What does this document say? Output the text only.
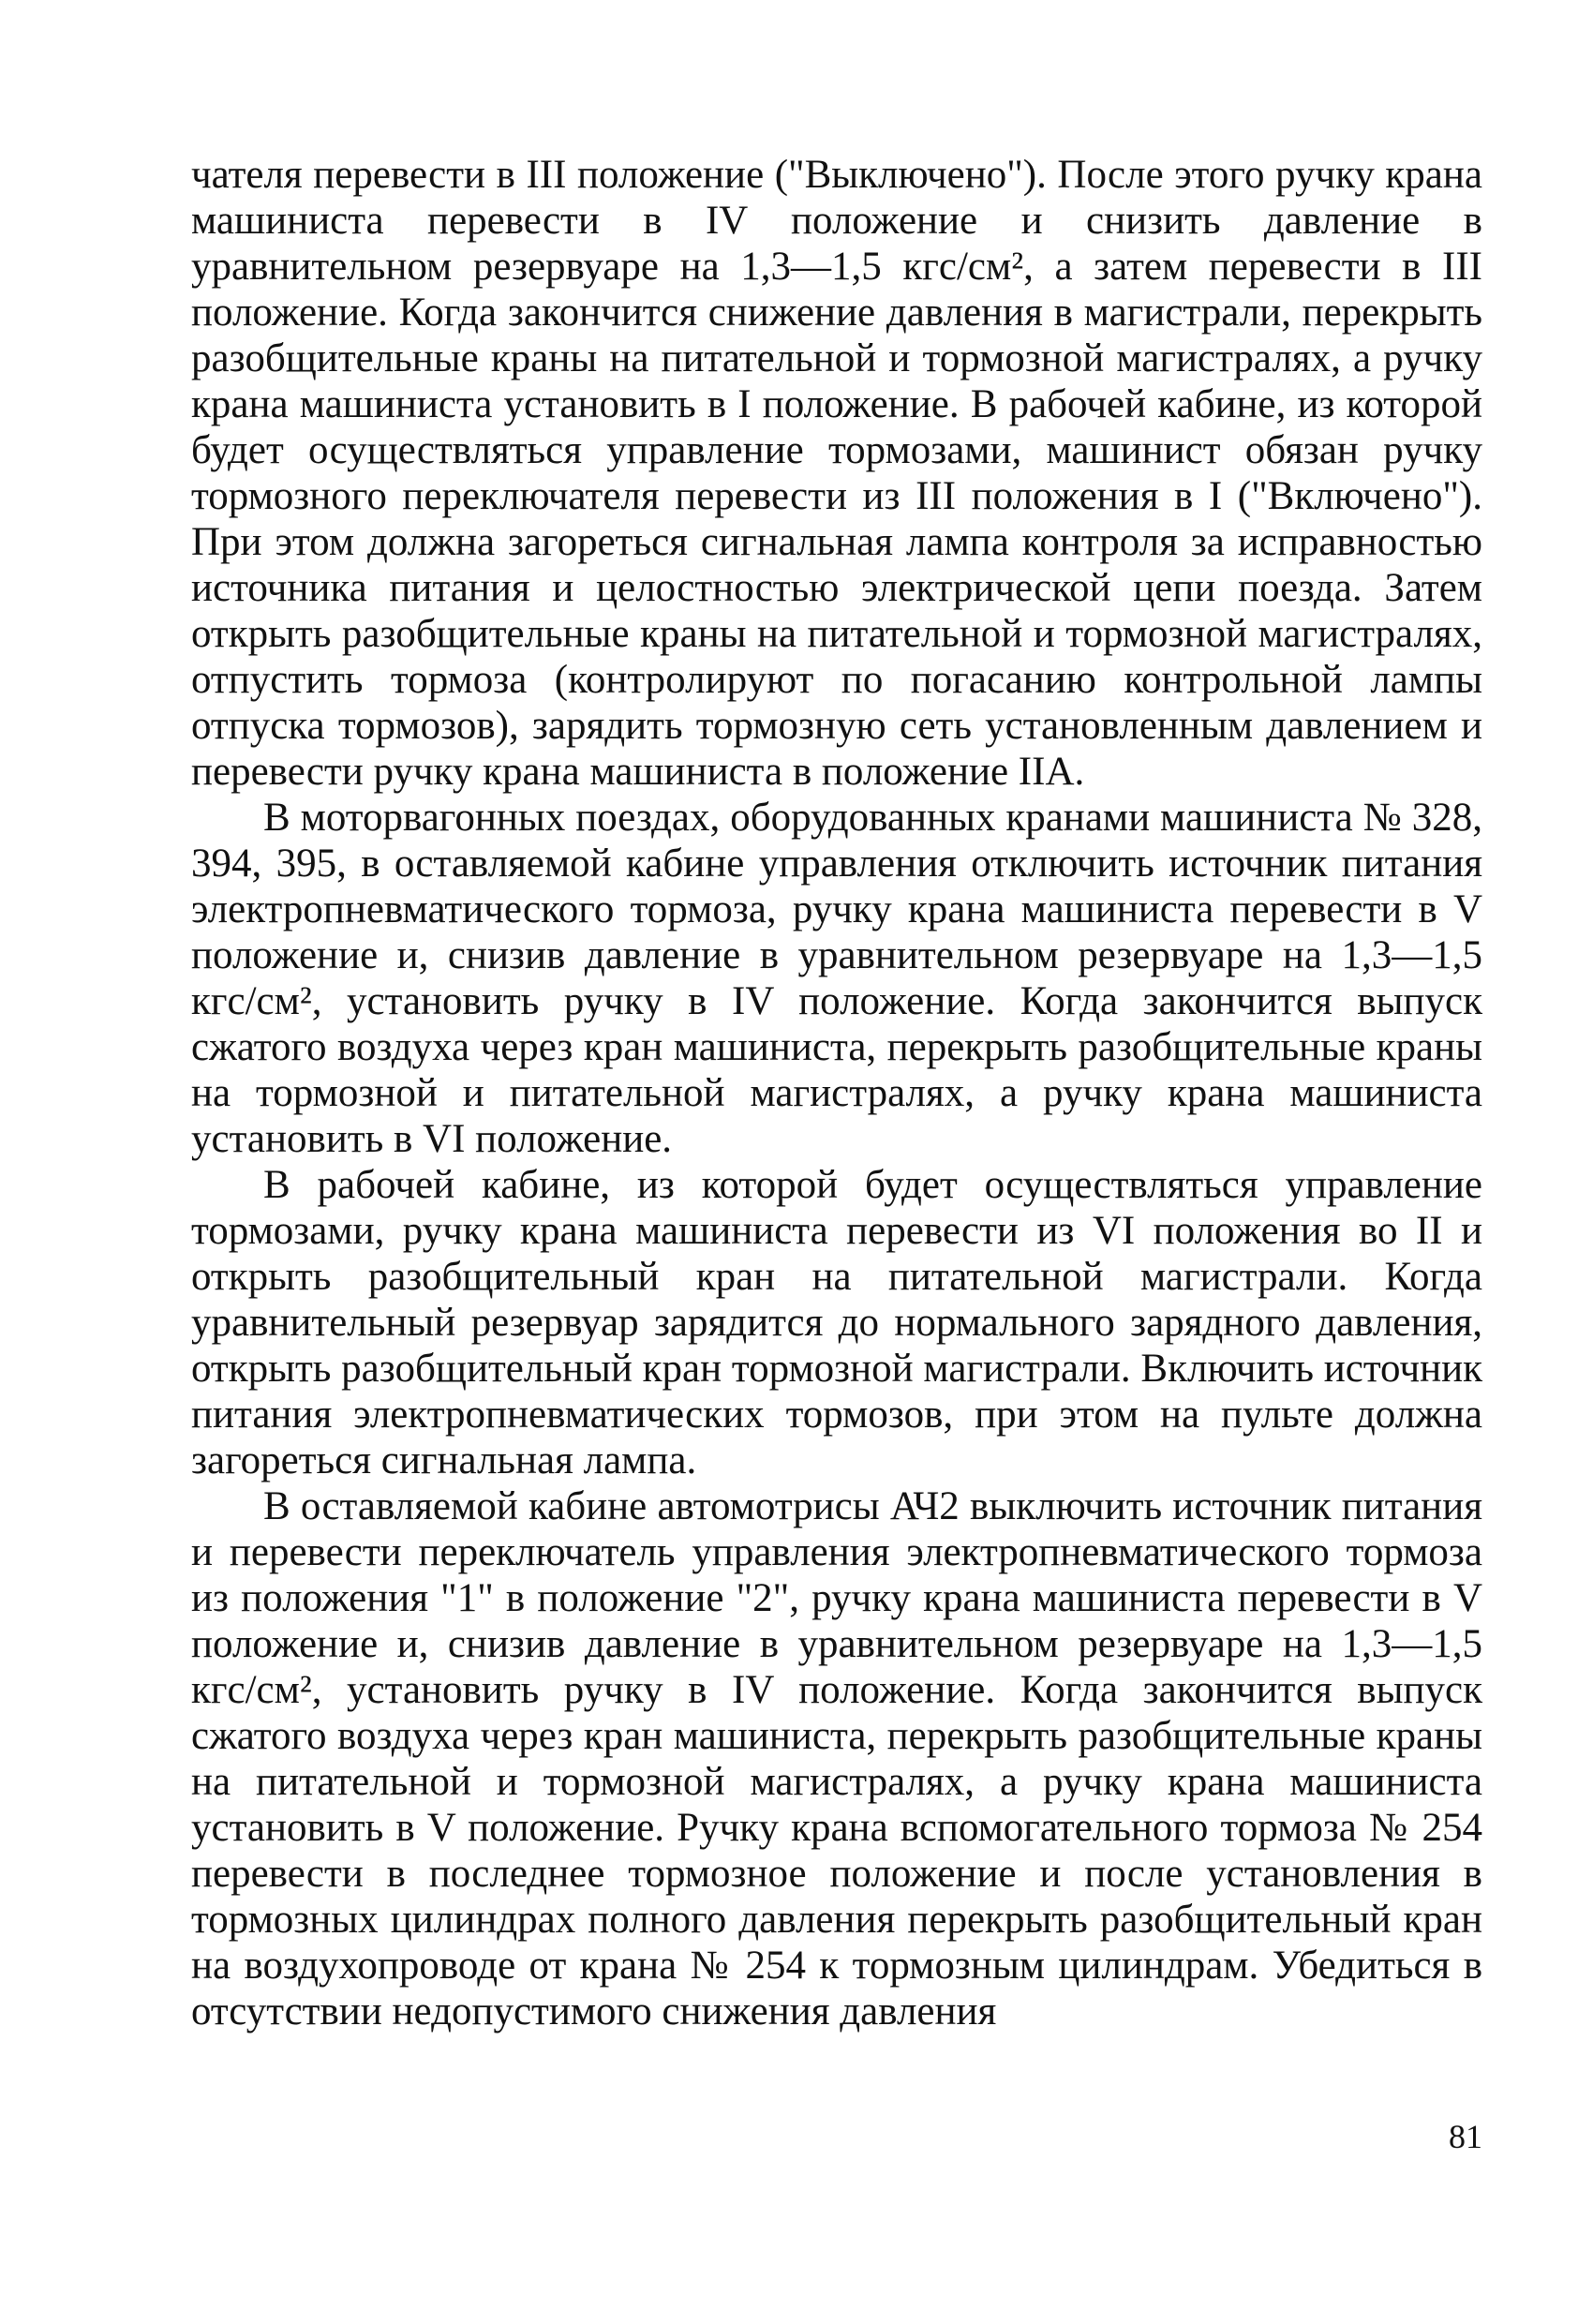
чателя перевести в III положение ("Выключено"). После этого ручку крана машиниста перевести в IV положение и снизить давление в уравнительном резервуаре на 1,3—1,5 кгс/см², а затем перевести в III положение. Когда закончится снижение давления в магистрали, перекрыть разобщительные краны на питательной и тормозной магистралях, а ручку крана машиниста установить в I положение. В рабочей кабине, из которой будет осуществляться управление тормозами, машинист обязан ручку тормозного переключателя перевести из III положения в I ("Включено"). При этом должна загореться сигнальная лампа контроля за исправностью источника питания и целостностью электрической цепи поезда. Затем открыть разобщительные краны на питательной и тормозной магистралях, отпустить тормоза (контролируют по погасанию контрольной лампы отпуска тормозов), зарядить тормозную сеть установленным давлением и перевести ручку крана машиниста в положение IIА.

В моторвагонных поездах, оборудованных кранами машиниста № 328, 394, 395, в оставляемой кабине управления отключить источник питания электропневматического тормоза, ручку крана машиниста перевести в V положение и, снизив давление в уравнительном резервуаре на 1,3—1,5 кгс/см², установить ручку в IV положение. Когда закончится выпуск сжатого воздуха через кран машиниста, перекрыть разобщительные краны на тормозной и питательной магистралях, а ручку крана машиниста установить в VI положение.

В рабочей кабине, из которой будет осуществляться управление тормозами, ручку крана машиниста перевести из VI положения во II и открыть разобщительный кран на питательной магистрали. Когда уравнительный резервуар зарядится до нормального зарядного давления, открыть разобщительный кран тормозной магистрали. Включить источник питания электропневматических тормозов, при этом на пульте должна загореться сигнальная лампа.

В оставляемой кабине автомотрисы АЧ2 выключить источник питания и перевести переключатель управления электропневматического тормоза из положения "1" в положение "2", ручку крана машиниста перевести в V положение и, снизив давление в уравнительном резервуаре на 1,3—1,5 кгс/см², установить ручку в IV положение. Когда закончится выпуск сжатого воздуха через кран машиниста, перекрыть разобщительные краны на питательной и тормозной магистралях, а ручку крана машиниста установить в V положение. Ручку крана вспомогательного тормоза № 254 перевести в последнее тормозное положение и после установления в тормозных цилиндрах полного давления перекрыть разобщительный кран на воздухопроводе от крана № 254 к тормозным цилиндрам. Убедиться в отсутствии недопустимого снижения давления

81
